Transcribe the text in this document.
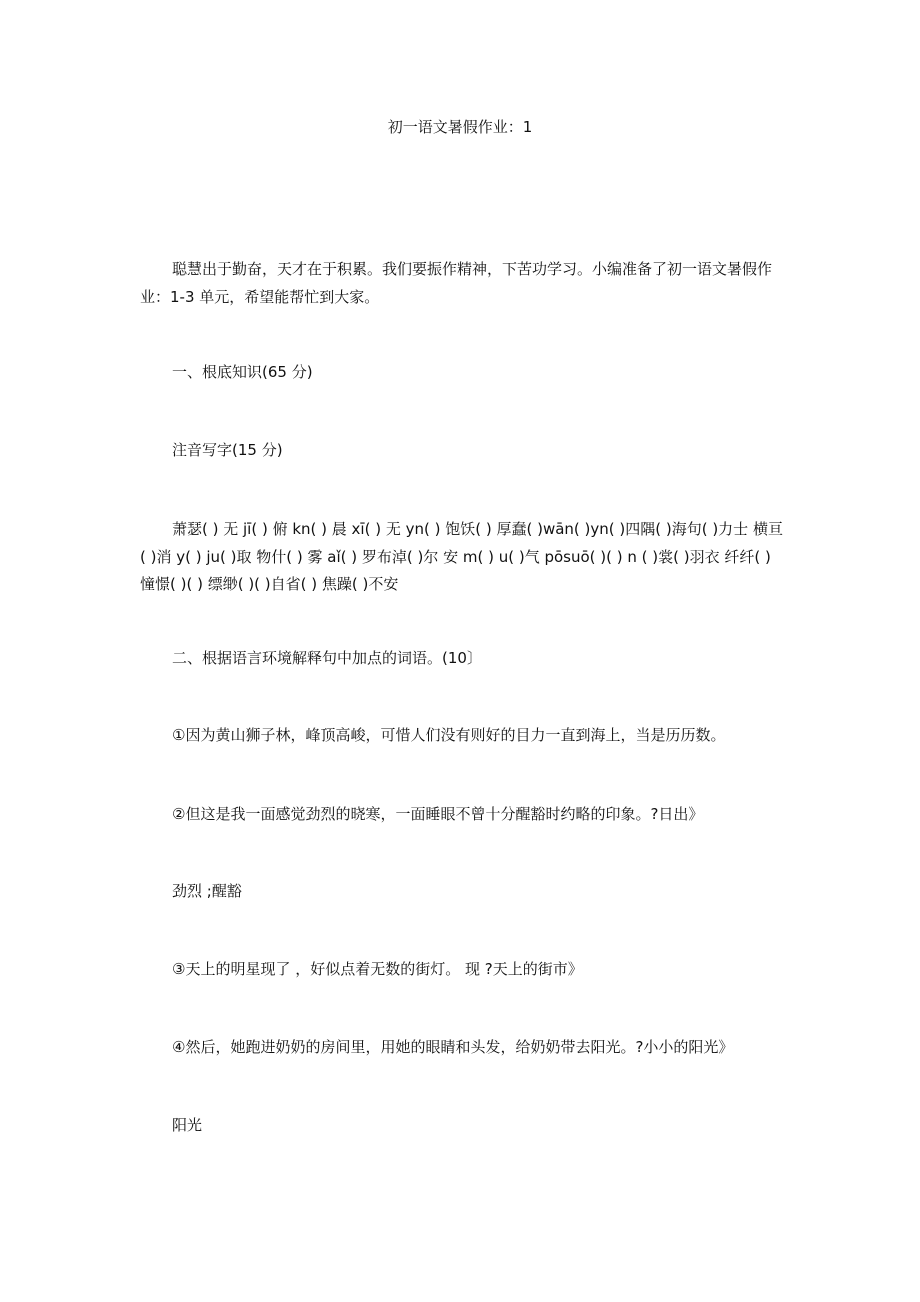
初一语文暑假作业：1
聪慧出于勤奋，天才在于积累。我们要振作精神，下苦功学习。小编准备了初一语文暑假作业：1-3 单元，希望能帮忙到大家。
一、根底知识(65 分)
注音写字(15 分)
萧瑟( ) 无 jī( ) 俯 kn( ) 晨 xī( ) 无 yn( ) 饱饫( ) 厚蠢( )wān( )yn( )四隅( )海句( )力士 横亘( )消 y( ) ju( )取 物什( ) 雾 aǐ( ) 罗布淖( )尔 安 m( ) u( )气 pōsuō( )( ) n ( )裳( )羽衣 纤纤( ) 憧憬( )( ) 缥缈( )( )自省( ) 焦躁( )不安
二、根据语言环境解释句中加点的词语。(10〕
①因为黄山狮子林，峰顶高峻，可惜人们没有则好的目力一直到海上，当是历历数。
②但这是我一面感觉劲烈的晓寒，一面睡眼不曾十分醒豁时约略的印象。?日出》
劲烈 ;醒豁
③天上的明星现了 ，好似点着无数的街灯。 现 ?天上的街市》
④然后，她跑进奶奶的房间里，用她的眼睛和头发，给奶奶带去阳光。?小小的阳光》
阳光
